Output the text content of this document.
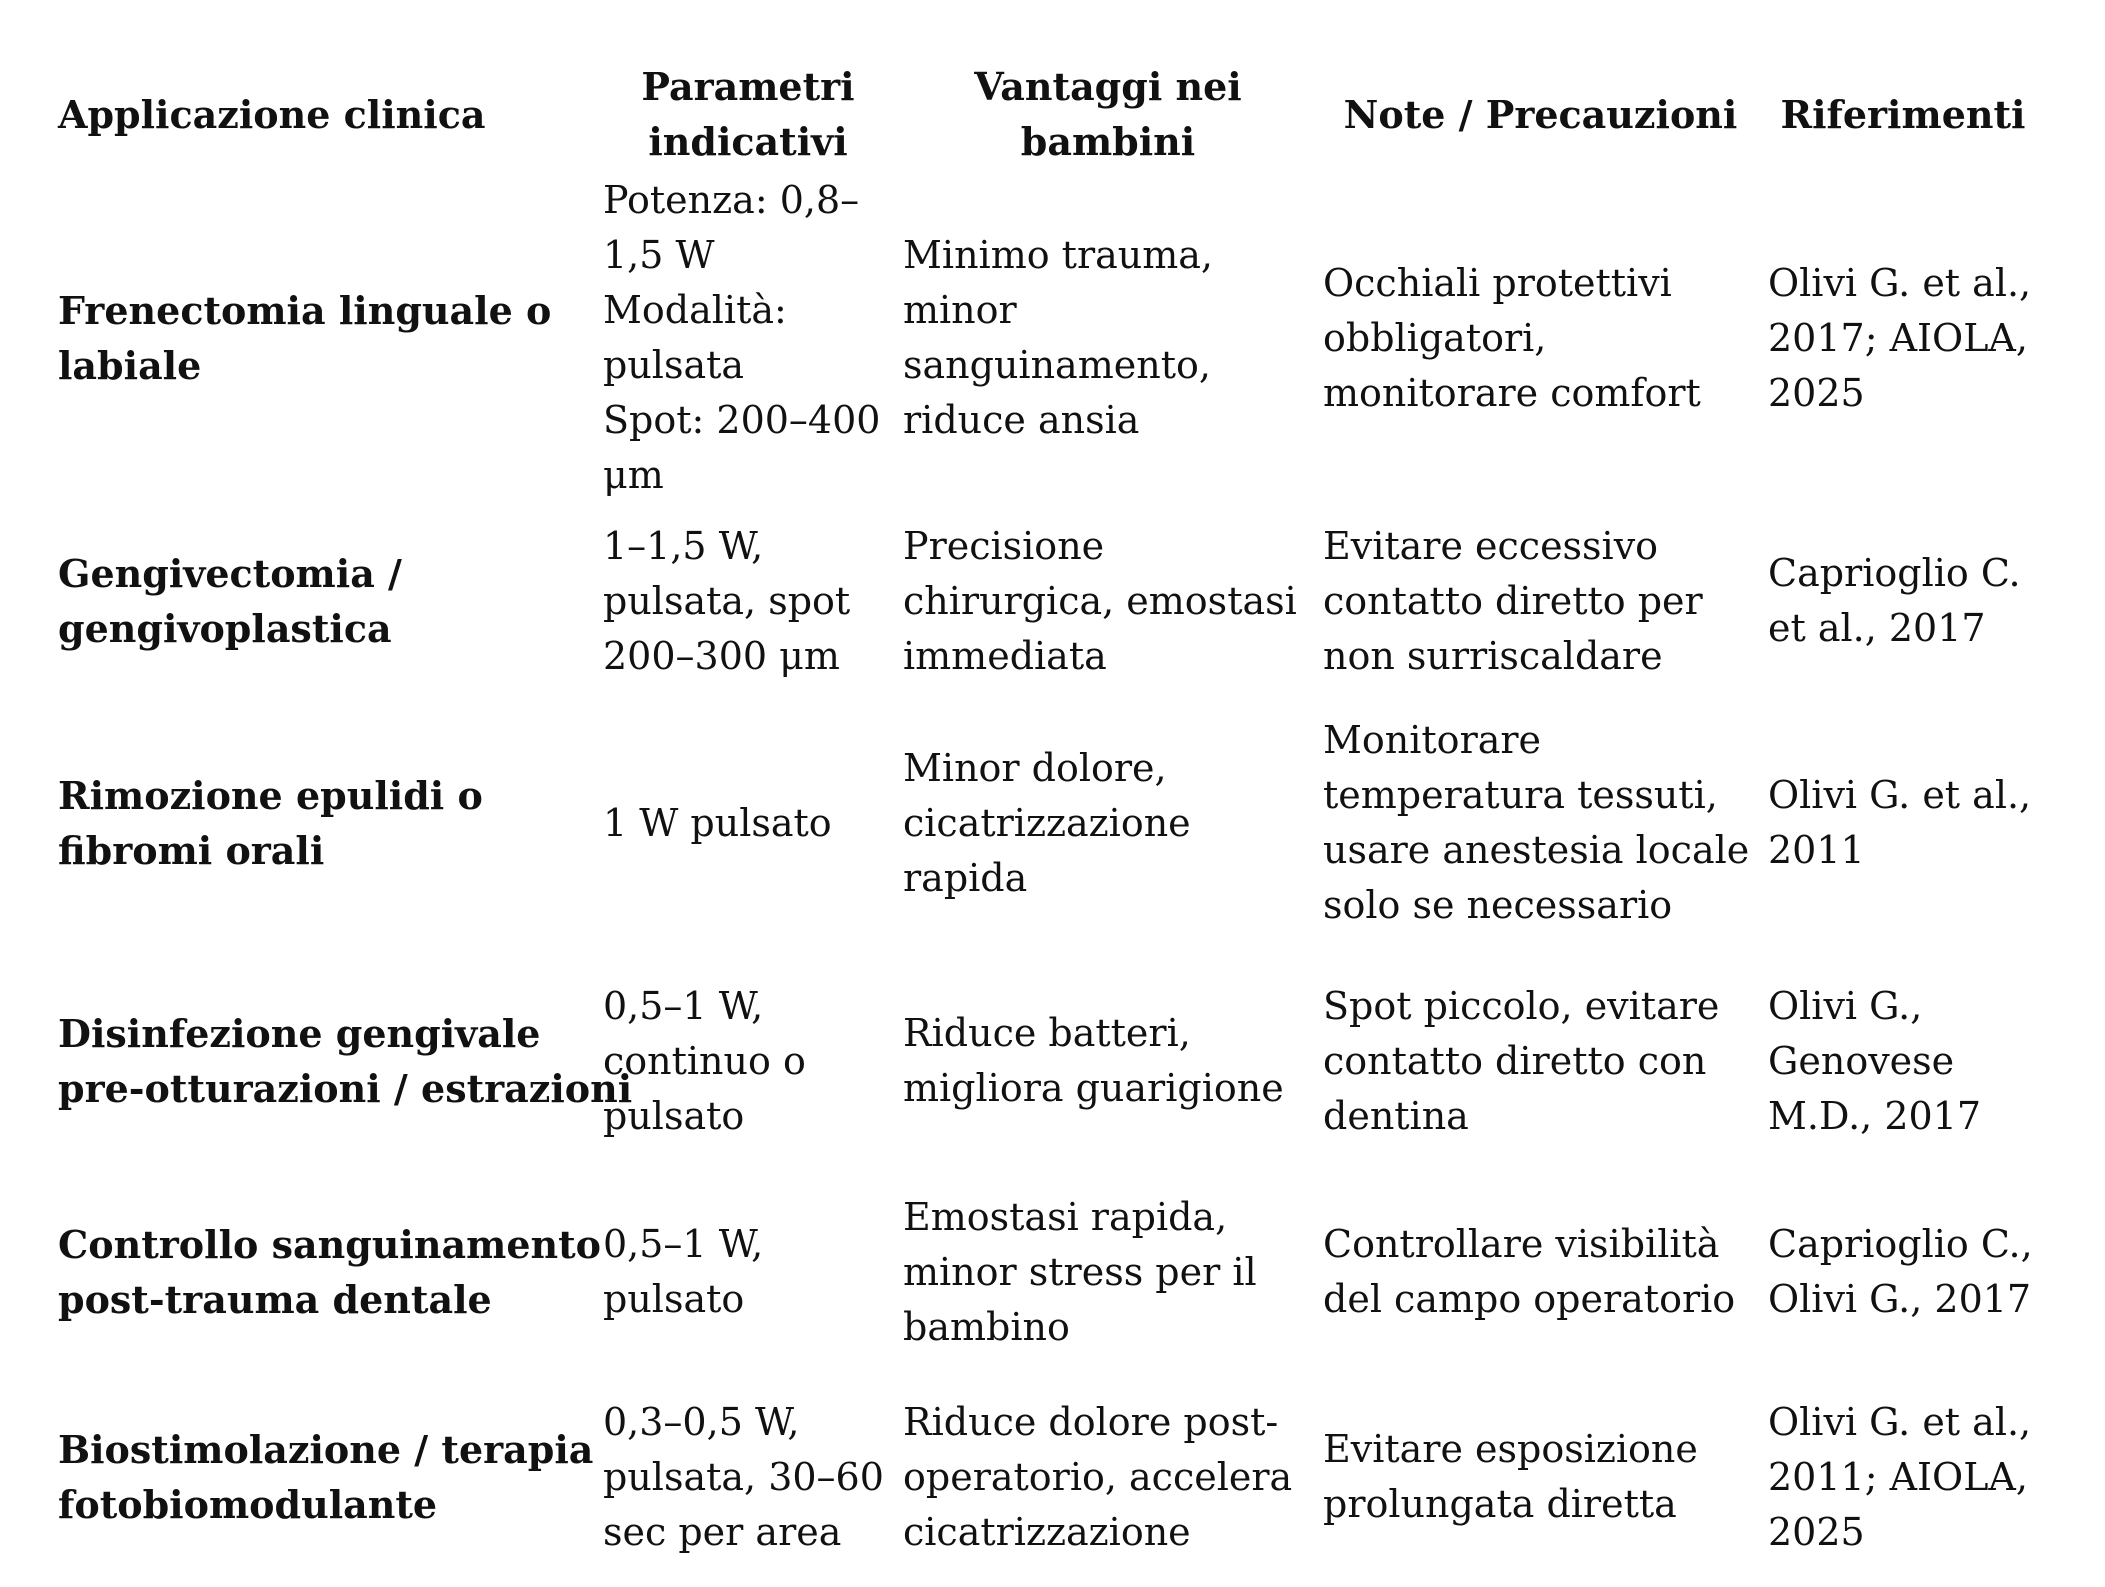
Applicazione clinica
Parametri
indicativi
Vantaggi nei
bambini
Note / Precauzioni	Riferimenti
Frenectomia linguale o
labiale
Potenza: 0,8–
1,5 W
Modalità:
pulsata
Spot: 200–400
μm
Minimo trauma,
minor
sanguinamento,
riduce ansia
Occhiali protettivi
obbligatori,
monitorare comfort
Olivi G. et al.,
2017; AIOLA,
2025
Gengivectomia /
gengivoplastica
1–1,5 W,
pulsata, spot
200–300 μm
Precisione
chirurgica, emostasi
immediata
Evitare eccessivo
contatto diretto per
non surriscaldare
Caprioglio C.
et al., 2017
Rimozione epulidi o
fibromi orali
1 W pulsato
Minor dolore,
cicatrizzazione
rapida
Monitorare
temperatura tessuti,
usare anestesia locale
solo se necessario
Olivi G. et al.,
2011
Disinfezione gengivale
pre-otturazioni / estrazioni
0,5–1 W,
continuo o
pulsato
Riduce batteri,
migliora guarigione
Spot piccolo, evitare
contatto diretto con
dentina
Olivi G.,
Genovese
M.D., 2017
Controllo sanguinamento
post-trauma dentale
0,5–1 W,
pulsato
Emostasi rapida,
minor stress per il
bambino
Controllare visibilità
del campo operatorio
Caprioglio C.,
Olivi G., 2017
Biostimolazione / terapia
fotobiomodulante
0,3–0,5 W,
pulsata, 30–60
sec per area
Riduce dolore post-
operatorio, accelera
cicatrizzazione
Evitare esposizione
prolungata diretta
Olivi G. et al.,
2011; AIOLA,
2025
